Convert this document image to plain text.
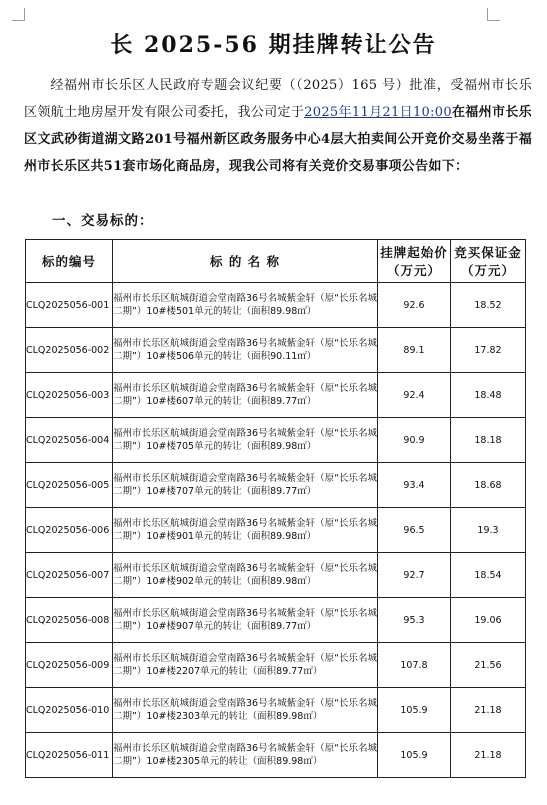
长 2025-56 期挂牌转让公告
经福州市长乐区人民政府专题会议纪要（（2025）165 号）批准，受福州市长乐区领航土地房屋开发有限公司委托，我公司定于2025年11月21日10:00在福州市长乐区文武砂街道湖文路201号福州新区政务服务中心4层大拍卖间公开竞价交易坐落于福州市长乐区共51套市场化商品房，现我公司将有关竞价交易事项公告如下：
一、交易标的：
标的编号	标 的 名 称	挂牌起始价（万元）	竞买保证金（万元）
CLQ2025056-001	福州市长乐区航城街道会堂南路36号名城紫金轩（原“长乐名城二期”）10#楼501单元的转让（面积89.98㎡）	92.6	18.52
CLQ2025056-002	福州市长乐区航城街道会堂南路36号名城紫金轩（原“长乐名城二期”）10#楼506单元的转让（面积90.11㎡）	89.1	17.82
CLQ2025056-003	福州市长乐区航城街道会堂南路36号名城紫金轩（原“长乐名城二期”）10#楼607单元的转让（面积89.77㎡）	92.4	18.48
CLQ2025056-004	福州市长乐区航城街道会堂南路36号名城紫金轩（原“长乐名城二期”）10#楼705单元的转让（面积89.98㎡）	90.9	18.18
CLQ2025056-005	福州市长乐区航城街道会堂南路36号名城紫金轩（原“长乐名城二期”）10#楼707单元的转让（面积89.77㎡）	93.4	18.68
CLQ2025056-006	福州市长乐区航城街道会堂南路36号名城紫金轩（原“长乐名城二期”）10#楼901单元的转让（面积89.98㎡）	96.5	19.3
CLQ2025056-007	福州市长乐区航城街道会堂南路36号名城紫金轩（原“长乐名城二期”）10#楼902单元的转让（面积89.98㎡）	92.7	18.54
CLQ2025056-008	福州市长乐区航城街道会堂南路36号名城紫金轩（原“长乐名城二期”）10#楼907单元的转让（面积89.77㎡）	95.3	19.06
CLQ2025056-009	福州市长乐区航城街道会堂南路36号名城紫金轩（原“长乐名城二期”）10#楼2207单元的转让（面积89.77㎡）	107.8	21.56
CLQ2025056-010	福州市长乐区航城街道会堂南路36号名城紫金轩（原“长乐名城二期”）10#楼2303单元的转让（面积89.98㎡）	105.9	21.18
CLQ2025056-011	福州市长乐区航城街道会堂南路36号名城紫金轩（原“长乐名城二期”）10#楼2305单元的转让（面积89.98㎡）	105.9	21.18
